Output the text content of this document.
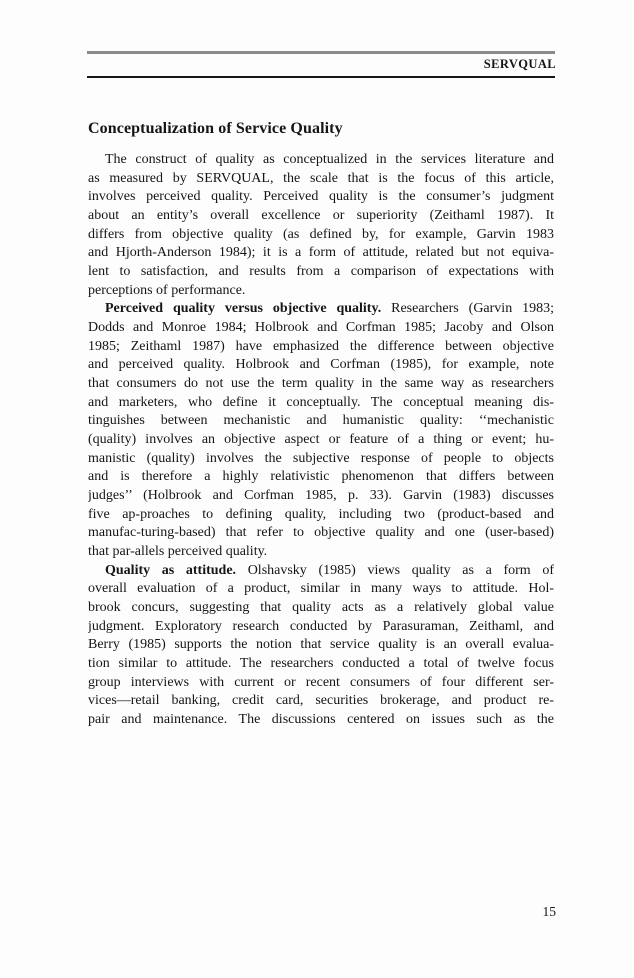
SERVQUAL
Conceptualization of Service Quality
The construct of quality as conceptualized in the services literature and
as measured by SERVQUAL, the scale that is the focus of this article,
involves perceived quality. Perceived quality is the consumer’s judgment
about an entity’s overall excellence or superiority (Zeithaml 1987). It
differs from objective quality (as defined by, for example, Garvin 1983
and Hjorth-Anderson 1984); it is a form of attitude, related but not equiva-
lent to satisfaction, and results from a comparison of expectations with
perceptions of performance.
Perceived quality versus objective quality. Researchers (Garvin 1983;
Dodds and Monroe 1984; Holbrook and Corfman 1985; Jacoby and Olson
1985; Zeithaml 1987) have emphasized the difference between objective
and perceived quality. Holbrook and Corfman (1985), for example, note
that consumers do not use the term quality in the same way as researchers
and marketers, who define it conceptually. The conceptual meaning dis-
tinguishes between mechanistic and humanistic quality: ‘‘mechanistic
(quality) involves an objective aspect or feature of a thing or event; hu-
manistic (quality) involves the subjective response of people to objects
and is therefore a highly relativistic phenomenon that differs between
judges’’ (Holbrook and Corfman 1985, p. 33). Garvin (1983) discusses
five ap-proaches to defining quality, including two (product-based and
manufac-turing-based) that refer to objective quality and one (user-based)
that par-allels perceived quality.
Quality as attitude. Olshavsky (1985) views quality as a form of
overall evaluation of a product, similar in many ways to attitude. Hol-
brook concurs, suggesting that quality acts as a relatively global value
judgment. Exploratory research conducted by Parasuraman, Zeithaml, and
Berry (1985) supports the notion that service quality is an overall evalua-
tion similar to attitude. The researchers conducted a total of twelve focus
group interviews with current or recent consumers of four different ser-
vices—retail banking, credit card, securities brokerage, and product re-
pair and maintenance. The discussions centered on issues such as the
15
